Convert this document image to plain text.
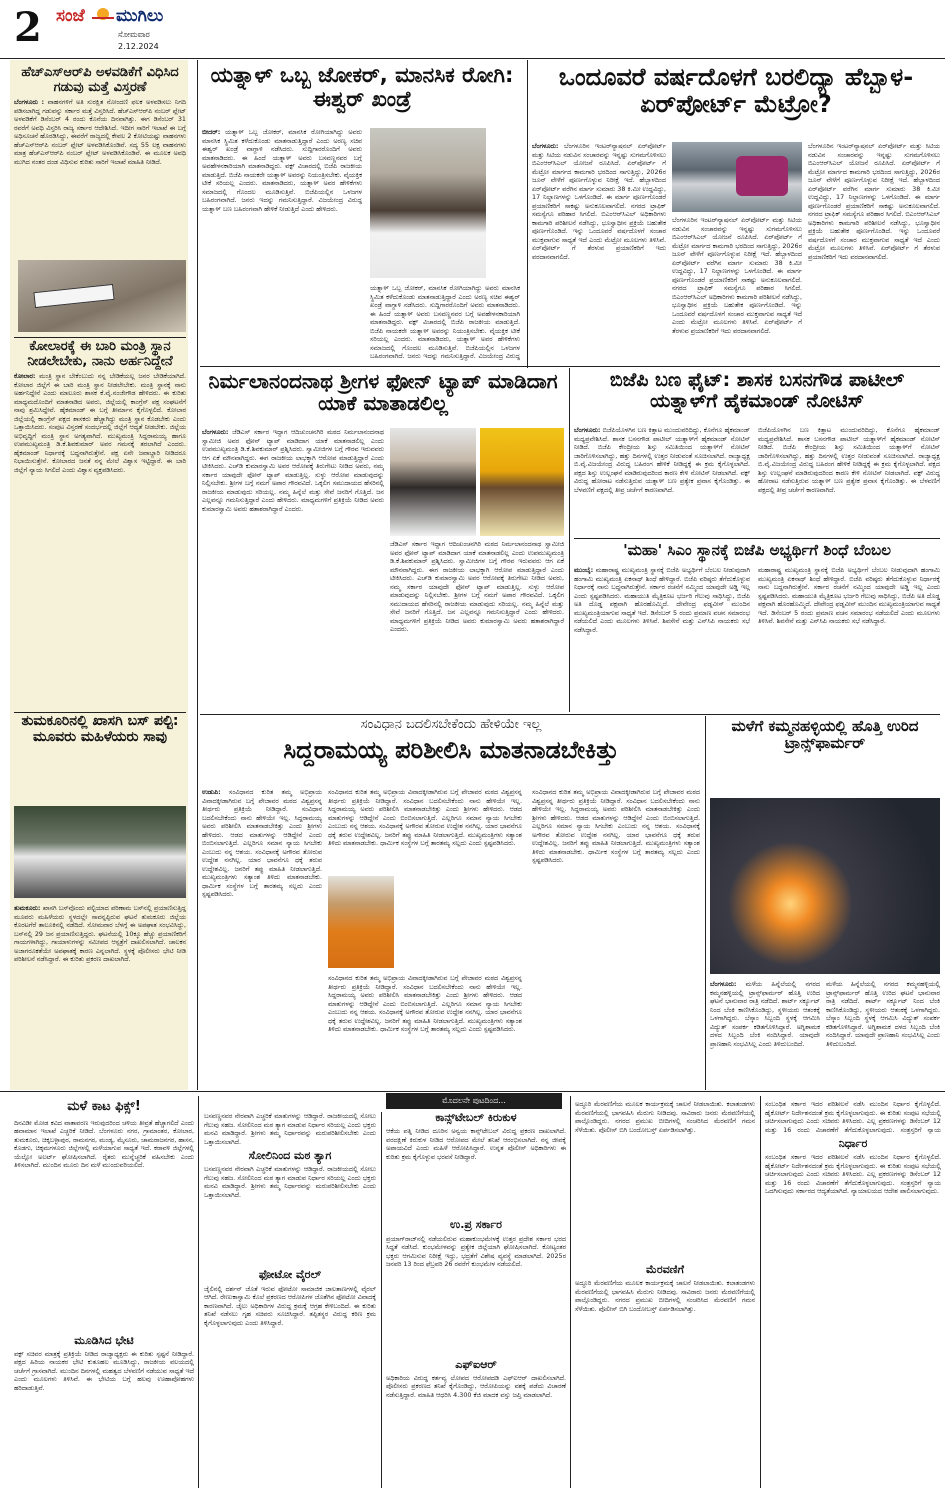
2 ಸಂಜೆ ಮುಗಿಲು
ಸೋಮವಾರ
2.12.2024
ಹೆಚ್‌ಎಸ್‌ಆರ್‌ಪಿ ಅಳವಡಿಕೆಗೆ ವಿಧಿಸಿದ ಗಡುವು ಮತ್ತೆ ವಿಸ್ತರಣೆ
ಬೆಂಗಳೂರು : ವಾಹನಗಳಿಗೆ ಅತಿ ಸುರಕ್ಷಿತ ನೋಂದಣಿ ಫಲಕ ಅಳವಡಿಸಲು ನಿಗದಿ ಪಡಿಸಲಾಗಿದ್ದ ಗಡುವನ್ನು ಸರ್ಕಾರ ಮತ್ತೆ ವಿಸ್ತರಿಸಿದೆ. ಹೆಚ್‌ಎಸ್‌ಆರ್‌ಪಿ ನಂಬರ್ ಪ್ಲೇಟ್ ಅಳವಡಿಕೆಗೆ ಡಿಸೆಂಬರ್ 4 ರಂದು ಕೊನೆಯ ದಿನವಾಗಿತ್ತು. ಈಗ ಡಿಸೆಂಬರ್ 31 ರವರೆಗೆ ಅವಧಿ ವಿಸ್ತರಿಸಿ ರಾಜ್ಯ ಸರ್ಕಾರ ಆದೇಶಿಸಿದೆ. ಇದೀಗ ಸಾರಿಗೆ ಇಲಾಖೆ ಈ ಬಗ್ಗೆ ಅಧಿಸೂಚನೆ ಹೊರಡಿಸಿದ್ದು, ಈವರೆಗೆ ರಾಜ್ಯದಲ್ಲಿ ಕೇವಲ 2 ಕೋಟಿಯಷ್ಟು ವಾಹನಗಳು ಹೆಚ್‌ಎಸ್‌ಆರ್‌ಪಿ ನಂಬರ್ ಪ್ಲೇಟ್ ಅಳವಡಿಸಿಕೊಂಡಿವೆ. ಸದ್ಯ 55 ಲಕ್ಷ ವಾಹನಗಳು ಮಾತ್ರ ಹೆಚ್‌ಎಸ್‌ಆರ್‌ಪಿ ನಂಬರ್ ಪ್ಲೇಟ್ ಅಳವಡಿಸಿಕೊಂಡಿವೆ. ಈ ಮೂಲಕ ಅವಧಿ ಮುಗಿದ ನಂತರ ದಂಡ ವಿಧಿಸುವ ಕುರಿತು ಸಾರಿಗೆ ಇಲಾಖೆ ಮಾಹಿತಿ ನೀಡಿದೆ.
ಕೋಲಾರಕ್ಕೆ ಈ ಬಾರಿ ಮಂತ್ರಿ ಸ್ಥಾನ ನೀಡಲೇಬೇಕು, ನಾನು ಅರ್ಹನಿದ್ದೇನೆ
ಕೋಲಾರ: ಮಂತ್ರಿ ಸ್ಥಾನ ಬೇಕೆಂಬುದು ನನ್ನ ಬೇಡಿಕೆಯಲ್ಲ ಜನರ ಬೇಡಿಕೆಯಾಗಿದೆ. ಕೋಲಾರ ಜಿಲ್ಲೆಗೆ ಈ ಬಾರಿ ಮಂತ್ರಿ ಸ್ಥಾನ ನೀಡಲೇಬೇಕು. ಮಂತ್ರಿ ಸ್ಥಾನಕ್ಕೆ ನಾನು ಅರ್ಹನಿದ್ದೇನೆ ಎಂದು ಮಾಲೂರು ಶಾಸಕ ಕೆ.ವೈ.ನಂಜೇಗೌಡ ಹೇಳಿದರು. ಈ ಕುರಿತು ಮಾಧ್ಯಮದೊಂದಿಗೆ ಮಾತನಾಡಿದ ಅವರು, ಜಿಲ್ಲೆಯಲ್ಲಿ ಕಾಂಗ್ರೆಸ್ ಪಕ್ಷ ಸಂಘಟನೆಗೆ ನಾವು ಶ್ರಮಿಸಿದ್ದೇವೆ. ಹೈಕಮಾಂಡ್ ಈ ಬಗ್ಗೆ ತೀರ್ಮಾನ ಕೈಗೊಳ್ಳಲಿದೆ. ಕೋಲಾರ ಜಿಲ್ಲೆಯಲ್ಲಿ ಕಾಂಗ್ರೆಸ್ ಪಕ್ಷದ ಶಾಸಕರು ಹೆಚ್ಚಾಗಿದ್ದು ಮಂತ್ರಿ ಸ್ಥಾನ ಕೊಡಬೇಕು ಎಂದು ಒತ್ತಾಯಿಸಿದರು. ಸಂಪುಟ ವಿಸ್ತರಣೆ ಸಂದರ್ಭದಲ್ಲಿ ಜಿಲ್ಲೆಗೆ ಆದ್ಯತೆ ನೀಡಬೇಕು. ಜಿಲ್ಲೆಯ ಅಭಿವೃದ್ಧಿಗೆ ಮಂತ್ರಿ ಸ್ಥಾನ ಅಗತ್ಯವಾಗಿದೆ. ಮುಖ್ಯಮಂತ್ರಿ ಸಿದ್ದರಾಮಯ್ಯ ಹಾಗೂ ಉಪಮುಖ್ಯಮಂತ್ರಿ ಡಿ.ಕೆ.ಶಿವಕುಮಾರ್ ಅವರ ಗಮನಕ್ಕೆ ತರಲಾಗಿದೆ ಎಂದರು. ಹೈಕಮಾಂಡ್ ನಿರ್ಧಾರಕ್ಕೆ ಬದ್ಧನಾಗಿರುತ್ತೇನೆ. ಪಕ್ಷ ಏನೇ ಜವಾಬ್ದಾರಿ ನೀಡಿದರೂ ನಿಭಾಯಿಸುತ್ತೇನೆ. ಕೋಲಾರದ ಜನತೆ ನನ್ನ ಮೇಲೆ ವಿಶ್ವಾಸ ಇಟ್ಟಿದ್ದಾರೆ. ಈ ಬಾರಿ ಜಿಲ್ಲೆಗೆ ನ್ಯಾಯ ಸಿಗಲಿದೆ ಎಂದು ವಿಶ್ವಾಸ ವ್ಯಕ್ತಪಡಿಸಿದರು.
ತುಮಕೂರಿನಲ್ಲಿ ಖಾಸಗಿ ಬಸ್ ಪಲ್ಟಿ: ಮೂವರು ಮಹಿಳೆಯರು ಸಾವು
ತುಮಕೂರು: ಖಾಸಗಿ ಬಸ್‌ವೊಂದು ಪಲ್ಟಿಯಾದ ಪರಿಣಾಮ ಬಸ್‌ನಲ್ಲಿ ಪ್ರಯಾಣಿಸುತ್ತಿದ್ದ ಮೂವರು ಮಹಿಳೆಯರು ಸ್ಥಳದಲ್ಲೇ ಸಾವನ್ನಪ್ಪಿರುವ ಘಟನೆ ತುಮಕೂರು ಜಿಲ್ಲೆಯ ಕೊರಟಗೆರೆ ತಾಲೂಕಿನಲ್ಲಿ ನಡೆದಿದೆ. ಸೋಮವಾರ ಬೆಳಗ್ಗೆ ಈ ಅಪಘಾತ ಸಂಭವಿಸಿದ್ದು, ಬಸ್‌ನಲ್ಲಿ 29 ಜನ ಪ್ರಯಾಣಿಸುತ್ತಿದ್ದರು. ಘಟನೆಯಲ್ಲಿ 10ಕ್ಕೂ ಹೆಚ್ಚು ಪ್ರಯಾಣಿಕರಿಗೆ ಗಾಯಗಳಾಗಿದ್ದು, ಗಾಯಾಳುಗಳನ್ನು ಸಮೀಪದ ಆಸ್ಪತ್ರೆಗೆ ದಾಖಲಿಸಲಾಗಿದೆ. ಚಾಲಕನ ಅಜಾಗರೂಕತೆಯೇ ಅಪಘಾತಕ್ಕೆ ಕಾರಣ ಎನ್ನಲಾಗಿದೆ. ಸ್ಥಳಕ್ಕೆ ಪೊಲೀಸರು ಭೇಟಿ ನೀಡಿ ಪರಿಶೀಲನೆ ನಡೆಸಿದ್ದಾರೆ. ಈ ಕುರಿತು ಪ್ರಕರಣ ದಾಖಲಾಗಿದೆ.
ಯತ್ನಾಳ್ ಒಬ್ಬ ಜೋಕರ್, ಮಾನಸಿಕ ರೋಗಿ: ಈಶ್ವರ್ ಖಂಡ್ರೆ
ಬೀದರ್: ಯತ್ನಾಳ್ ಒಬ್ಬ ಜೋಕರ್, ಮಾನಸಿಕ ರೋಗಿಯಾಗಿದ್ದು ಅವರು ಮಾನಸಿಕ ಸ್ಥಿಮಿತ ಕಳೆದುಕೊಂಡು ಮಾತನಾಡುತ್ತಿದ್ದಾರೆ ಎಂದು ಅರಣ್ಯ ಸಚಿವ ಈಶ್ವರ್ ಖಂಡ್ರೆ ವಾಗ್ದಾಳಿ ನಡೆಸಿದರು. ಸುದ್ದಿಗಾರರೊಂದಿಗೆ ಅವರು ಮಾತನಾಡಿದರು. ಈ ಹಿಂದೆ ಯತ್ನಾಳ್ ಅವರು ಬಸವಣ್ಣನವರ ಬಗ್ಗೆ ಅವಹೇಳನಕಾರಿಯಾಗಿ ಮಾತನಾಡಿದ್ದರು. ವಕ್ಫ್ ವಿಚಾರದಲ್ಲಿ ಬಿಜೆಪಿ ರಾಜಕೀಯ ಮಾಡುತ್ತಿದೆ. ಬಿಜೆಪಿ ನಾಯಕರೇ ಯತ್ನಾಳ್ ಅವರನ್ನು ನಿಯಂತ್ರಿಸಬೇಕು. ವೈಯಕ್ತಿಕ ಟೀಕೆ ಸರಿಯಲ್ಲ ಎಂದರು. ಮಾತನಾಡಿದರು, ಯತ್ನಾಳ್ ಅವರ ಹೇಳಿಕೆಗಳು ಸಮಾಜದಲ್ಲಿ ಗೊಂದಲ ಮೂಡಿಸುತ್ತಿವೆ. ಬಿಜೆಪಿಯಲ್ಲಿನ ಒಳಜಗಳ ಬಹಿರಂಗವಾಗಿದೆ. ಜನರು ಇದನ್ನು ಗಮನಿಸುತ್ತಿದ್ದಾರೆ. ವಿಜಯೇಂದ್ರ ವಿರುದ್ಧ ಯತ್ನಾಳ್ ಬಣ ಬಹಿರಂಗವಾಗಿ ಹೇಳಿಕೆ ನೀಡುತ್ತಿದೆ ಎಂದು ಹೇಳಿದರು.
ಯತ್ನಾಳ್ ಒಬ್ಬ ಜೋಕರ್, ಮಾನಸಿಕ ರೋಗಿಯಾಗಿದ್ದು ಅವರು ಮಾನಸಿಕ ಸ್ಥಿಮಿತ ಕಳೆದುಕೊಂಡು ಮಾತನಾಡುತ್ತಿದ್ದಾರೆ ಎಂದು ಅರಣ್ಯ ಸಚಿವ ಈಶ್ವರ್ ಖಂಡ್ರೆ ವಾಗ್ದಾಳಿ ನಡೆಸಿದರು. ಸುದ್ದಿಗಾರರೊಂದಿಗೆ ಅವರು ಮಾತನಾಡಿದರು. ಈ ಹಿಂದೆ ಯತ್ನಾಳ್ ಅವರು ಬಸವಣ್ಣನವರ ಬಗ್ಗೆ ಅವಹೇಳನಕಾರಿಯಾಗಿ ಮಾತನಾಡಿದ್ದರು. ವಕ್ಫ್ ವಿಚಾರದಲ್ಲಿ ಬಿಜೆಪಿ ರಾಜಕೀಯ ಮಾಡುತ್ತಿದೆ. ಬಿಜೆಪಿ ನಾಯಕರೇ ಯತ್ನಾಳ್ ಅವರನ್ನು ನಿಯಂತ್ರಿಸಬೇಕು. ವೈಯಕ್ತಿಕ ಟೀಕೆ ಸರಿಯಲ್ಲ ಎಂದರು. ಮಾತನಾಡಿದರು, ಯತ್ನಾಳ್ ಅವರ ಹೇಳಿಕೆಗಳು ಸಮಾಜದಲ್ಲಿ ಗೊಂದಲ ಮೂಡಿಸುತ್ತಿವೆ. ಬಿಜೆಪಿಯಲ್ಲಿನ ಒಳಜಗಳ ಬಹಿರಂಗವಾಗಿದೆ. ಜನರು ಇದನ್ನು ಗಮನಿಸುತ್ತಿದ್ದಾರೆ. ವಿಜಯೇಂದ್ರ ವಿರುದ್ಧ
ಒಂದೂವರೆ ವರ್ಷದೊಳಗೆ ಬರಲಿದ್ಯಾ ಹೆಬ್ಬಾಳ-ಏರ್‌ಪೋರ್ಟ್ ಮೆಟ್ರೋ?
ಬೆಂಗಳೂರು: ಬೆಂಗಳೂರಿನ ಇಂಟರ್‌ನ್ಯಾಷನಲ್ ಏರ್‌ಪೋರ್ಟ್ ಮತ್ತು ಸಿಟಿಯ ನಡುವಿನ ಸಂಚಾರವನ್ನು ಇನ್ನಷ್ಟು ಸುಗಮಗೊಳಿಸಲು ಬಿಎಂಆರ್‌ಸಿಎಲ್ ಯೋಜನೆ ರೂಪಿಸಿದೆ. ಏರ್‌ಪೋರ್ಟ್ ಗೆ ಮೆಟ್ರೋ ಮಾರ್ಗದ ಕಾಮಗಾರಿ ಭರದಿಂದ ಸಾಗುತ್ತಿದ್ದು, 2026ರ ಜೂನ್ ವೇಳೆಗೆ ಪೂರ್ಣಗೊಳ್ಳುವ ನಿರೀಕ್ಷೆ ಇದೆ. ಹೆಬ್ಬಾಳದಿಂದ ಏರ್‌ಪೋರ್ಟ್ ವರೆಗಿನ ಮಾರ್ಗ ಸುಮಾರು 38 ಕಿ.ಮೀ ಉದ್ದವಿದ್ದು, 17 ನಿಲ್ದಾಣಗಳನ್ನು ಒಳಗೊಂಡಿದೆ. ಈ ಮಾರ್ಗ ಪೂರ್ಣಗೊಂಡರೆ ಪ್ರಯಾಣಿಕರಿಗೆ ಸಾಕಷ್ಟು ಅನುಕೂಲವಾಗಲಿದೆ. ನಗರದ ಟ್ರಾಫಿಕ್ ಸಮಸ್ಯೆಗೂ ಪರಿಹಾರ ಸಿಗಲಿದೆ. ಬಿಎಂಆರ್‌ಸಿಎಲ್ ಅಧಿಕಾರಿಗಳು ಕಾಮಗಾರಿ ಪರಿಶೀಲನೆ ನಡೆಸಿದ್ದು, ಭೂಸ್ವಾಧೀನ ಪ್ರಕ್ರಿಯೆ ಬಹುತೇಕ ಪೂರ್ಣಗೊಂಡಿದೆ. ಇನ್ನು ಒಂದೂವರೆ ವರ್ಷದೊಳಗೆ ಸಂಚಾರ ಮುಕ್ತವಾಗುವ ಸಾಧ್ಯತೆ ಇದೆ ಎಂದು ಮೆಟ್ರೋ ಮೂಲಗಳು ತಿಳಿಸಿವೆ. ಏರ್‌ಪೋರ್ಟ್ ಗೆ ತೆರಳುವ ಪ್ರಯಾಣಿಕರಿಗೆ ಇದು ವರದಾನವಾಗಲಿದೆ.
ಬೆಂಗಳೂರಿನ ಇಂಟರ್‌ನ್ಯಾಷನಲ್ ಏರ್‌ಪೋರ್ಟ್ ಮತ್ತು ಸಿಟಿಯ ನಡುವಿನ ಸಂಚಾರವನ್ನು ಇನ್ನಷ್ಟು ಸುಗಮಗೊಳಿಸಲು ಬಿಎಂಆರ್‌ಸಿಎಲ್ ಯೋಜನೆ ರೂಪಿಸಿದೆ. ಏರ್‌ಪೋರ್ಟ್ ಗೆ ಮೆಟ್ರೋ ಮಾರ್ಗದ ಕಾಮಗಾರಿ ಭರದಿಂದ ಸಾಗುತ್ತಿದ್ದು, 2026ರ ಜೂನ್ ವೇಳೆಗೆ ಪೂರ್ಣಗೊಳ್ಳುವ ನಿರೀಕ್ಷೆ ಇದೆ. ಹೆಬ್ಬಾಳದಿಂದ ಏರ್‌ಪೋರ್ಟ್ ವರೆಗಿನ ಮಾರ್ಗ ಸುಮಾರು 38 ಕಿ.ಮೀ ಉದ್ದವಿದ್ದು, 17 ನಿಲ್ದಾಣಗಳನ್ನು ಒಳಗೊಂಡಿದೆ. ಈ ಮಾರ್ಗ ಪೂರ್ಣಗೊಂಡರೆ ಪ್ರಯಾಣಿಕರಿಗೆ ಸಾಕಷ್ಟು ಅನುಕೂಲವಾಗಲಿದೆ. ನಗರದ ಟ್ರಾಫಿಕ್ ಸಮಸ್ಯೆಗೂ ಪರಿಹಾರ ಸಿಗಲಿದೆ. ಬಿಎಂಆರ್‌ಸಿಎಲ್ ಅಧಿಕಾರಿಗಳು ಕಾಮಗಾರಿ ಪರಿಶೀಲನೆ ನಡೆಸಿದ್ದು, ಭೂಸ್ವಾಧೀನ ಪ್ರಕ್ರಿಯೆ ಬಹುತೇಕ ಪೂರ್ಣಗೊಂಡಿದೆ. ಇನ್ನು ಒಂದೂವರೆ ವರ್ಷದೊಳಗೆ ಸಂಚಾರ ಮುಕ್ತವಾಗುವ ಸಾಧ್ಯತೆ ಇದೆ ಎಂದು ಮೆಟ್ರೋ ಮೂಲಗಳು ತಿಳಿಸಿವೆ. ಏರ್‌ಪೋರ್ಟ್ ಗೆ ತೆರಳುವ ಪ್ರಯಾಣಿಕರಿಗೆ ಇದು ವರದಾನವಾಗಲಿದೆ.
ಬೆಂಗಳೂರಿನ ಇಂಟರ್‌ನ್ಯಾಷನಲ್ ಏರ್‌ಪೋರ್ಟ್ ಮತ್ತು ಸಿಟಿಯ ನಡುವಿನ ಸಂಚಾರವನ್ನು ಇನ್ನಷ್ಟು ಸುಗಮಗೊಳಿಸಲು ಬಿಎಂಆರ್‌ಸಿಎಲ್ ಯೋಜನೆ ರೂಪಿಸಿದೆ. ಏರ್‌ಪೋರ್ಟ್ ಗೆ ಮೆಟ್ರೋ ಮಾರ್ಗದ ಕಾಮಗಾರಿ ಭರದಿಂದ ಸಾಗುತ್ತಿದ್ದು, 2026ರ ಜೂನ್ ವೇಳೆಗೆ ಪೂರ್ಣಗೊಳ್ಳುವ ನಿರೀಕ್ಷೆ ಇದೆ. ಹೆಬ್ಬಾಳದಿಂದ ಏರ್‌ಪೋರ್ಟ್ ವರೆಗಿನ ಮಾರ್ಗ ಸುಮಾರು 38 ಕಿ.ಮೀ ಉದ್ದವಿದ್ದು, 17 ನಿಲ್ದಾಣಗಳನ್ನು ಒಳಗೊಂಡಿದೆ. ಈ ಮಾರ್ಗ ಪೂರ್ಣಗೊಂಡರೆ ಪ್ರಯಾಣಿಕರಿಗೆ ಸಾಕಷ್ಟು ಅನುಕೂಲವಾಗಲಿದೆ. ನಗರದ ಟ್ರಾಫಿಕ್ ಸಮಸ್ಯೆಗೂ ಪರಿಹಾರ ಸಿಗಲಿದೆ. ಬಿಎಂಆರ್‌ಸಿಎಲ್ ಅಧಿಕಾರಿಗಳು ಕಾಮಗಾರಿ ಪರಿಶೀಲನೆ ನಡೆಸಿದ್ದು, ಭೂಸ್ವಾಧೀನ ಪ್ರಕ್ರಿಯೆ ಬಹುತೇಕ ಪೂರ್ಣಗೊಂಡಿದೆ. ಇನ್ನು ಒಂದೂವರೆ ವರ್ಷದೊಳಗೆ ಸಂಚಾರ ಮುಕ್ತವಾಗುವ ಸಾಧ್ಯತೆ ಇದೆ ಎಂದು ಮೆಟ್ರೋ ಮೂಲಗಳು ತಿಳಿಸಿವೆ. ಏರ್‌ಪೋರ್ಟ್ ಗೆ ತೆರಳುವ ಪ್ರಯಾಣಿಕರಿಗೆ ಇದು ವರದಾನವಾಗಲಿದೆ.
ನಿರ್ಮಲಾನಂದನಾಥ ಶ್ರೀಗಳ ಫೋನ್ ಟ್ಯಾಪ್ ಮಾಡಿದಾಗ ಯಾಕೆ ಮಾತಾಡಲಿಲ್ಲ
ಬೆಂಗಳೂರು: ಜೆಡಿಎಸ್ ಸರ್ಕಾರ ಇದ್ದಾಗ ಆದಿಚುಂಚನಗಿರಿ ಮಠದ ನಿರ್ಮಲಾನಂದನಾಥ ಸ್ವಾಮೀಜಿ ಅವರ ಫೋನ್ ಟ್ಯಾಪ್ ಮಾಡಿದಾಗ ಯಾಕೆ ಮಾತನಾಡಲಿಲ್ಲ ಎಂದು ಉಪಮುಖ್ಯಮಂತ್ರಿ ಡಿ.ಕೆ.ಶಿವಕುಮಾರ್ ಪ್ರಶ್ನಿಸಿದರು. ಸ್ವಾಮೀಜಿಗಳ ಬಗ್ಗೆ ಗೌರವ ಇರುವವರು ಆಗ ಏಕೆ ಮೌನವಾಗಿದ್ದರು. ಈಗ ರಾಜಕೀಯ ಲಾಭಕ್ಕಾಗಿ ಆರೋಪ ಮಾಡುತ್ತಿದ್ದಾರೆ ಎಂದು ಟೀಕಿಸಿದರು. ಎಚ್‌ಡಿ ಕುಮಾರಸ್ವಾಮಿ ಅವರ ಆರೋಪಕ್ಕೆ ತಿರುಗೇಟು ನೀಡಿದ ಅವರು, ನಮ್ಮ ಸರ್ಕಾರ ಯಾವುದೇ ಫೋನ್ ಟ್ಯಾಪ್ ಮಾಡುತ್ತಿಲ್ಲ. ಸುಳ್ಳು ಆರೋಪ ಮಾಡುವುದನ್ನು ನಿಲ್ಲಿಸಬೇಕು. ಶ್ರೀಗಳ ಬಗ್ಗೆ ನಮಗೆ ಅಪಾರ ಗೌರವವಿದೆ. ಒಕ್ಕಲಿಗ ಸಮುದಾಯದ ಹೆಸರಿನಲ್ಲಿ ರಾಜಕೀಯ ಮಾಡುವುದು ಸರಿಯಲ್ಲ. ನಮ್ಮ ಹಿನ್ನೆಲೆ ಮತ್ತು ಸೇವೆ ಜನರಿಗೆ ಗೊತ್ತಿದೆ. ಜನ ಎಲ್ಲವನ್ನೂ ಗಮನಿಸುತ್ತಿದ್ದಾರೆ ಎಂದು ಹೇಳಿದರು. ಮಾಧ್ಯಮಗಳಿಗೆ ಪ್ರತಿಕ್ರಿಯೆ ನೀಡಿದ ಅವರು ಕುಮಾರಸ್ವಾಮಿ ಅವರು ಹತಾಶರಾಗಿದ್ದಾರೆ ಎಂದರು.
ಜೆಡಿಎಸ್ ಸರ್ಕಾರ ಇದ್ದಾಗ ಆದಿಚುಂಚನಗಿರಿ ಮಠದ ನಿರ್ಮಲಾನಂದನಾಥ ಸ್ವಾಮೀಜಿ ಅವರ ಫೋನ್ ಟ್ಯಾಪ್ ಮಾಡಿದಾಗ ಯಾಕೆ ಮಾತನಾಡಲಿಲ್ಲ ಎಂದು ಉಪಮುಖ್ಯಮಂತ್ರಿ ಡಿ.ಕೆ.ಶಿವಕುಮಾರ್ ಪ್ರಶ್ನಿಸಿದರು. ಸ್ವಾಮೀಜಿಗಳ ಬಗ್ಗೆ ಗೌರವ ಇರುವವರು ಆಗ ಏಕೆ ಮೌನವಾಗಿದ್ದರು. ಈಗ ರಾಜಕೀಯ ಲಾಭಕ್ಕಾಗಿ ಆರೋಪ ಮಾಡುತ್ತಿದ್ದಾರೆ ಎಂದು ಟೀಕಿಸಿದರು. ಎಚ್‌ಡಿ ಕುಮಾರಸ್ವಾಮಿ ಅವರ ಆರೋಪಕ್ಕೆ ತಿರುಗೇಟು ನೀಡಿದ ಅವರು, ನಮ್ಮ ಸರ್ಕಾರ ಯಾವುದೇ ಫೋನ್ ಟ್ಯಾಪ್ ಮಾಡುತ್ತಿಲ್ಲ. ಸುಳ್ಳು ಆರೋಪ ಮಾಡುವುದನ್ನು ನಿಲ್ಲಿಸಬೇಕು. ಶ್ರೀಗಳ ಬಗ್ಗೆ ನಮಗೆ ಅಪಾರ ಗೌರವವಿದೆ. ಒಕ್ಕಲಿಗ ಸಮುದಾಯದ ಹೆಸರಿನಲ್ಲಿ ರಾಜಕೀಯ ಮಾಡುವುದು ಸರಿಯಲ್ಲ. ನಮ್ಮ ಹಿನ್ನೆಲೆ ಮತ್ತು ಸೇವೆ ಜನರಿಗೆ ಗೊತ್ತಿದೆ. ಜನ ಎಲ್ಲವನ್ನೂ ಗಮನಿಸುತ್ತಿದ್ದಾರೆ ಎಂದು ಹೇಳಿದರು. ಮಾಧ್ಯಮಗಳಿಗೆ ಪ್ರತಿಕ್ರಿಯೆ ನೀಡಿದ ಅವರು ಕುಮಾರಸ್ವಾಮಿ ಅವರು ಹತಾಶರಾಗಿದ್ದಾರೆ ಎಂದರು.
ಬಿಜೆಪಿ ಬಣ ಫೈಟ್: ಶಾಸಕ ಬಸನಗೌಡ ಪಾಟೀಲ್ ಯತ್ನಾಳ್‌ಗೆ ಹೈಕಮಾಂಡ್ ನೋಟಿಸ್
ಬೆಂಗಳೂರು: ಬಿಜೆಪಿಯೊಳಗಿನ ಬಣ ಕಿತ್ತಾಟ ಮುಂದುವರಿದಿದ್ದು, ಕೊನೆಗೂ ಹೈಕಮಾಂಡ್ ಮಧ್ಯಪ್ರವೇಶಿಸಿದೆ. ಶಾಸಕ ಬಸನಗೌಡ ಪಾಟೀಲ್ ಯತ್ನಾಳ್‌ಗೆ ಹೈಕಮಾಂಡ್ ನೋಟಿಸ್ ನೀಡಿದೆ. ಬಿಜೆಪಿ ಕೇಂದ್ರೀಯ ಶಿಸ್ತು ಸಮಿತಿಯಿಂದ ಯತ್ನಾಳ್‌ಗೆ ನೋಟಿಸ್ ಜಾರಿಗೊಳಿಸಲಾಗಿದ್ದು, ಹತ್ತು ದಿನಗಳಲ್ಲಿ ಉತ್ತರ ನೀಡುವಂತೆ ಸೂಚಿಸಲಾಗಿದೆ. ರಾಜ್ಯಾಧ್ಯಕ್ಷ ಬಿ.ವೈ.ವಿಜಯೇಂದ್ರ ವಿರುದ್ಧ ಬಹಿರಂಗ ಹೇಳಿಕೆ ನೀಡಿದ್ದಕ್ಕೆ ಈ ಕ್ರಮ ಕೈಗೊಳ್ಳಲಾಗಿದೆ. ಪಕ್ಷದ ಶಿಸ್ತು ಉಲ್ಲಂಘನೆ ಮಾಡಿರುವುದರಿಂದ ಕಾರಣ ಕೇಳಿ ನೋಟಿಸ್ ನೀಡಲಾಗಿದೆ. ವಕ್ಫ್ ವಿರುದ್ಧ ಹೋರಾಟ ನಡೆಸುತ್ತಿರುವ ಯತ್ನಾಳ್ ಬಣ ಪ್ರತ್ಯೇಕ ಪ್ರವಾಸ ಕೈಗೊಂಡಿತ್ತು. ಈ ಬೆಳವಣಿಗೆ ಪಕ್ಷದಲ್ಲಿ ತೀವ್ರ ಚರ್ಚೆಗೆ ಕಾರಣವಾಗಿದೆ.
ಬಿಜೆಪಿಯೊಳಗಿನ ಬಣ ಕಿತ್ತಾಟ ಮುಂದುವರಿದಿದ್ದು, ಕೊನೆಗೂ ಹೈಕಮಾಂಡ್ ಮಧ್ಯಪ್ರವೇಶಿಸಿದೆ. ಶಾಸಕ ಬಸನಗೌಡ ಪಾಟೀಲ್ ಯತ್ನಾಳ್‌ಗೆ ಹೈಕಮಾಂಡ್ ನೋಟಿಸ್ ನೀಡಿದೆ. ಬಿಜೆಪಿ ಕೇಂದ್ರೀಯ ಶಿಸ್ತು ಸಮಿತಿಯಿಂದ ಯತ್ನಾಳ್‌ಗೆ ನೋಟಿಸ್ ಜಾರಿಗೊಳಿಸಲಾಗಿದ್ದು, ಹತ್ತು ದಿನಗಳಲ್ಲಿ ಉತ್ತರ ನೀಡುವಂತೆ ಸೂಚಿಸಲಾಗಿದೆ. ರಾಜ್ಯಾಧ್ಯಕ್ಷ ಬಿ.ವೈ.ವಿಜಯೇಂದ್ರ ವಿರುದ್ಧ ಬಹಿರಂಗ ಹೇಳಿಕೆ ನೀಡಿದ್ದಕ್ಕೆ ಈ ಕ್ರಮ ಕೈಗೊಳ್ಳಲಾಗಿದೆ. ಪಕ್ಷದ ಶಿಸ್ತು ಉಲ್ಲಂಘನೆ ಮಾಡಿರುವುದರಿಂದ ಕಾರಣ ಕೇಳಿ ನೋಟಿಸ್ ನೀಡಲಾಗಿದೆ. ವಕ್ಫ್ ವಿರುದ್ಧ ಹೋರಾಟ ನಡೆಸುತ್ತಿರುವ ಯತ್ನಾಳ್ ಬಣ ಪ್ರತ್ಯೇಕ ಪ್ರವಾಸ ಕೈಗೊಂಡಿತ್ತು. ಈ ಬೆಳವಣಿಗೆ ಪಕ್ಷದಲ್ಲಿ ತೀವ್ರ ಚರ್ಚೆಗೆ ಕಾರಣವಾಗಿದೆ.
'ಮಹಾ' ಸಿಎಂ ಸ್ಥಾನಕ್ಕೆ ಬಿಜೆಪಿ ಅಭ್ಯರ್ಥಿಗೆ ಶಿಂಧೆ ಬೆಂಬಲ
ಮುಂಬೈ: ಮಹಾರಾಷ್ಟ್ರ ಮುಖ್ಯಮಂತ್ರಿ ಸ್ಥಾನಕ್ಕೆ ಬಿಜೆಪಿ ಅಭ್ಯರ್ಥಿಗೆ ಬೆಂಬಲ ನೀಡುವುದಾಗಿ ಹಂಗಾಮಿ ಮುಖ್ಯಮಂತ್ರಿ ಏಕನಾಥ್ ಶಿಂಧೆ ಹೇಳಿದ್ದಾರೆ. ಬಿಜೆಪಿ ವರಿಷ್ಠರು ತೆಗೆದುಕೊಳ್ಳುವ ನಿರ್ಧಾರಕ್ಕೆ ನಾನು ಬದ್ಧನಾಗಿರುತ್ತೇನೆ. ಸರ್ಕಾರ ರಚನೆಗೆ ನಮ್ಮಿಂದ ಯಾವುದೇ ಅಡ್ಡಿ ಇಲ್ಲ ಎಂದು ಸ್ಪಷ್ಟಪಡಿಸಿದರು. ಮಹಾಯುತಿ ಮೈತ್ರಿಕೂಟ ಭರ್ಜರಿ ಗೆಲುವು ಸಾಧಿಸಿದ್ದು, ಬಿಜೆಪಿ ಅತಿ ದೊಡ್ಡ ಪಕ್ಷವಾಗಿ ಹೊರಹೊಮ್ಮಿದೆ. ದೇವೇಂದ್ರ ಫಡ್ನವೀಸ್ ಮುಂದಿನ ಮುಖ್ಯಮಂತ್ರಿಯಾಗುವ ಸಾಧ್ಯತೆ ಇದೆ. ಡಿಸೆಂಬರ್ 5 ರಂದು ಪ್ರಮಾಣ ವಚನ ಸಮಾರಂಭ ನಡೆಯಲಿದೆ ಎಂದು ಮೂಲಗಳು ತಿಳಿಸಿವೆ. ಶಿವಸೇನೆ ಮತ್ತು ಎನ್‌ಸಿಪಿ ನಾಯಕರು ಸಭೆ ನಡೆಸಿದ್ದಾರೆ.
ಮಹಾರಾಷ್ಟ್ರ ಮುಖ್ಯಮಂತ್ರಿ ಸ್ಥಾನಕ್ಕೆ ಬಿಜೆಪಿ ಅಭ್ಯರ್ಥಿಗೆ ಬೆಂಬಲ ನೀಡುವುದಾಗಿ ಹಂಗಾಮಿ ಮುಖ್ಯಮಂತ್ರಿ ಏಕನಾಥ್ ಶಿಂಧೆ ಹೇಳಿದ್ದಾರೆ. ಬಿಜೆಪಿ ವರಿಷ್ಠರು ತೆಗೆದುಕೊಳ್ಳುವ ನಿರ್ಧಾರಕ್ಕೆ ನಾನು ಬದ್ಧನಾಗಿರುತ್ತೇನೆ. ಸರ್ಕಾರ ರಚನೆಗೆ ನಮ್ಮಿಂದ ಯಾವುದೇ ಅಡ್ಡಿ ಇಲ್ಲ ಎಂದು ಸ್ಪಷ್ಟಪಡಿಸಿದರು. ಮಹಾಯುತಿ ಮೈತ್ರಿಕೂಟ ಭರ್ಜರಿ ಗೆಲುವು ಸಾಧಿಸಿದ್ದು, ಬಿಜೆಪಿ ಅತಿ ದೊಡ್ಡ ಪಕ್ಷವಾಗಿ ಹೊರಹೊಮ್ಮಿದೆ. ದೇವೇಂದ್ರ ಫಡ್ನವೀಸ್ ಮುಂದಿನ ಮುಖ್ಯಮಂತ್ರಿಯಾಗುವ ಸಾಧ್ಯತೆ ಇದೆ. ಡಿಸೆಂಬರ್ 5 ರಂದು ಪ್ರಮಾಣ ವಚನ ಸಮಾರಂಭ ನಡೆಯಲಿದೆ ಎಂದು ಮೂಲಗಳು ತಿಳಿಸಿವೆ. ಶಿವಸೇನೆ ಮತ್ತು ಎನ್‌ಸಿಪಿ ನಾಯಕರು ಸಭೆ ನಡೆಸಿದ್ದಾರೆ.
ಸಂವಿಧಾನ ಬದಲಿಸಬೇಕೆಂದು ಹೇಳಿಯೇ ಇಲ್ಲ
ಸಿದ್ದರಾಮಯ್ಯ ಪರಿಶೀಲಿಸಿ ಮಾತನಾಡಬೇಕಿತ್ತು
ಉಡುಪಿ: ಸಂವಿಧಾನದ ಕುರಿತ ತಮ್ಮ ಅಭಿಪ್ರಾಯ ವಿವಾದಕ್ಕೀಡಾಗಿರುವ ಬಗ್ಗೆ ಪೇಜಾವರ ಮಠದ ವಿಶ್ವಪ್ರಸನ್ನ ತೀರ್ಥರು ಪ್ರತಿಕ್ರಿಯೆ ನೀಡಿದ್ದಾರೆ. ಸಂವಿಧಾನ ಬದಲಿಸಬೇಕೆಂದು ನಾನು ಹೇಳಿಯೇ ಇಲ್ಲ. ಸಿದ್ದರಾಮಯ್ಯ ಅವರು ಪರಿಶೀಲಿಸಿ ಮಾತನಾಡಬೇಕಿತ್ತು ಎಂದು ಶ್ರೀಗಳು ಹೇಳಿದರು. ಆಡದ ಮಾತುಗಳನ್ನು ಆಡಿದ್ದೇನೆ ಎಂದು ಬಿಂಬಿಸಲಾಗುತ್ತಿದೆ. ಎಲ್ಲರಿಗೂ ಸಮಾನ ನ್ಯಾಯ ಸಿಗಬೇಕು ಎಂಬುದು ನನ್ನ ಆಶಯ. ಸಂವಿಧಾನಕ್ಕೆ ಅಗೌರವ ತೋರುವ ಉದ್ದೇಶ ನನಗಿಲ್ಲ. ಯಾರ ಭಾವನೆಗೂ ಧಕ್ಕೆ ತರುವ ಉದ್ದೇಶವಿಲ್ಲ. ಜನರಿಗೆ ತಪ್ಪು ಮಾಹಿತಿ ನೀಡಲಾಗುತ್ತಿದೆ. ಮುಖ್ಯಮಂತ್ರಿಗಳು ಸತ್ಯಾಂಶ ತಿಳಿದು ಮಾತನಾಡಬೇಕು. ಧಾರ್ಮಿಕ ಸಂಸ್ಥೆಗಳ ಬಗ್ಗೆ ತಾರತಮ್ಯ ಸಲ್ಲದು ಎಂದು ಸ್ಪಷ್ಟಪಡಿಸಿದರು.
ಸಂವಿಧಾನದ ಕುರಿತ ತಮ್ಮ ಅಭಿಪ್ರಾಯ ವಿವಾದಕ್ಕೀಡಾಗಿರುವ ಬಗ್ಗೆ ಪೇಜಾವರ ಮಠದ ವಿಶ್ವಪ್ರಸನ್ನ ತೀರ್ಥರು ಪ್ರತಿಕ್ರಿಯೆ ನೀಡಿದ್ದಾರೆ. ಸಂವಿಧಾನ ಬದಲಿಸಬೇಕೆಂದು ನಾನು ಹೇಳಿಯೇ ಇಲ್ಲ. ಸಿದ್ದರಾಮಯ್ಯ ಅವರು ಪರಿಶೀಲಿಸಿ ಮಾತನಾಡಬೇಕಿತ್ತು ಎಂದು ಶ್ರೀಗಳು ಹೇಳಿದರು. ಆಡದ ಮಾತುಗಳನ್ನು ಆಡಿದ್ದೇನೆ ಎಂದು ಬಿಂಬಿಸಲಾಗುತ್ತಿದೆ. ಎಲ್ಲರಿಗೂ ಸಮಾನ ನ್ಯಾಯ ಸಿಗಬೇಕು ಎಂಬುದು ನನ್ನ ಆಶಯ. ಸಂವಿಧಾನಕ್ಕೆ ಅಗೌರವ ತೋರುವ ಉದ್ದೇಶ ನನಗಿಲ್ಲ. ಯಾರ ಭಾವನೆಗೂ ಧಕ್ಕೆ ತರುವ ಉದ್ದೇಶವಿಲ್ಲ. ಜನರಿಗೆ ತಪ್ಪು ಮಾಹಿತಿ ನೀಡಲಾಗುತ್ತಿದೆ. ಮುಖ್ಯಮಂತ್ರಿಗಳು ಸತ್ಯಾಂಶ ತಿಳಿದು ಮಾತನಾಡಬೇಕು. ಧಾರ್ಮಿಕ ಸಂಸ್ಥೆಗಳ ಬಗ್ಗೆ ತಾರತಮ್ಯ ಸಲ್ಲದು ಎಂದು ಸ್ಪಷ್ಟಪಡಿಸಿದರು.
ಸಂವಿಧಾನದ ಕುರಿತ ತಮ್ಮ ಅಭಿಪ್ರಾಯ ವಿವಾದಕ್ಕೀಡಾಗಿರುವ ಬಗ್ಗೆ ಪೇಜಾವರ ಮಠದ ವಿಶ್ವಪ್ರಸನ್ನ ತೀರ್ಥರು ಪ್ರತಿಕ್ರಿಯೆ ನೀಡಿದ್ದಾರೆ. ಸಂವಿಧಾನ ಬದಲಿಸಬೇಕೆಂದು ನಾನು ಹೇಳಿಯೇ ಇಲ್ಲ. ಸಿದ್ದರಾಮಯ್ಯ ಅವರು ಪರಿಶೀಲಿಸಿ ಮಾತನಾಡಬೇಕಿತ್ತು ಎಂದು ಶ್ರೀಗಳು ಹೇಳಿದರು. ಆಡದ ಮಾತುಗಳನ್ನು ಆಡಿದ್ದೇನೆ ಎಂದು ಬಿಂಬಿಸಲಾಗುತ್ತಿದೆ. ಎಲ್ಲರಿಗೂ ಸಮಾನ ನ್ಯಾಯ ಸಿಗಬೇಕು ಎಂಬುದು ನನ್ನ ಆಶಯ. ಸಂವಿಧಾನಕ್ಕೆ ಅಗೌರವ ತೋರುವ ಉದ್ದೇಶ ನನಗಿಲ್ಲ. ಯಾರ ಭಾವನೆಗೂ ಧಕ್ಕೆ ತರುವ ಉದ್ದೇಶವಿಲ್ಲ. ಜನರಿಗೆ ತಪ್ಪು ಮಾಹಿತಿ ನೀಡಲಾಗುತ್ತಿದೆ. ಮುಖ್ಯಮಂತ್ರಿಗಳು ಸತ್ಯಾಂಶ ತಿಳಿದು ಮಾತನಾಡಬೇಕು. ಧಾರ್ಮಿಕ ಸಂಸ್ಥೆಗಳ ಬಗ್ಗೆ ತಾರತಮ್ಯ ಸಲ್ಲದು ಎಂದು ಸ್ಪಷ್ಟಪಡಿಸಿದರು.
ಸಂವಿಧಾನದ ಕುರಿತ ತಮ್ಮ ಅಭಿಪ್ರಾಯ ವಿವಾದಕ್ಕೀಡಾಗಿರುವ ಬಗ್ಗೆ ಪೇಜಾವರ ಮಠದ ವಿಶ್ವಪ್ರಸನ್ನ ತೀರ್ಥರು ಪ್ರತಿಕ್ರಿಯೆ ನೀಡಿದ್ದಾರೆ. ಸಂವಿಧಾನ ಬದಲಿಸಬೇಕೆಂದು ನಾನು ಹೇಳಿಯೇ ಇಲ್ಲ. ಸಿದ್ದರಾಮಯ್ಯ ಅವರು ಪರಿಶೀಲಿಸಿ ಮಾತನಾಡಬೇಕಿತ್ತು ಎಂದು ಶ್ರೀಗಳು ಹೇಳಿದರು. ಆಡದ ಮಾತುಗಳನ್ನು ಆಡಿದ್ದೇನೆ ಎಂದು ಬಿಂಬಿಸಲಾಗುತ್ತಿದೆ. ಎಲ್ಲರಿಗೂ ಸಮಾನ ನ್ಯಾಯ ಸಿಗಬೇಕು ಎಂಬುದು ನನ್ನ ಆಶಯ. ಸಂವಿಧಾನಕ್ಕೆ ಅಗೌರವ ತೋರುವ ಉದ್ದೇಶ ನನಗಿಲ್ಲ. ಯಾರ ಭಾವನೆಗೂ ಧಕ್ಕೆ ತರುವ ಉದ್ದೇಶವಿಲ್ಲ. ಜನರಿಗೆ ತಪ್ಪು ಮಾಹಿತಿ ನೀಡಲಾಗುತ್ತಿದೆ. ಮುಖ್ಯಮಂತ್ರಿಗಳು ಸತ್ಯಾಂಶ ತಿಳಿದು ಮಾತನಾಡಬೇಕು. ಧಾರ್ಮಿಕ ಸಂಸ್ಥೆಗಳ ಬಗ್ಗೆ ತಾರತಮ್ಯ ಸಲ್ಲದು ಎಂದು ಸ್ಪಷ್ಟಪಡಿಸಿದರು.
ಮಳೆಗೆ ಕಮ್ಮನಹಳ್ಳಿಯಲ್ಲಿ ಹೊತ್ತಿ ಉರಿದ ಟ್ರಾನ್ಸ್‌ಫಾರ್ಮರ್
ಬೆಂಗಳೂರು: ಮಳೆಯ ಹಿನ್ನೆಲೆಯಲ್ಲಿ ನಗರದ ಕಮ್ಮನಹಳ್ಳಿಯಲ್ಲಿ ಟ್ರಾನ್ಸ್‌ಫಾರ್ಮರ್ ಹೊತ್ತಿ ಉರಿದ ಘಟನೆ ಭಾನುವಾರ ರಾತ್ರಿ ನಡೆದಿದೆ. ಶಾರ್ಟ್ ಸರ್ಕ್ಯೂಟ್ ನಿಂದ ಬೆಂಕಿ ಕಾಣಿಸಿಕೊಂಡಿದ್ದು, ಸ್ಥಳೀಯರು ಆತಂಕಕ್ಕೆ ಒಳಗಾಗಿದ್ದರು. ಬೆಸ್ಕಾಂ ಸಿಬ್ಬಂದಿ ಸ್ಥಳಕ್ಕೆ ಆಗಮಿಸಿ ವಿದ್ಯುತ್ ಸಂಪರ್ಕ ಕಡಿತಗೊಳಿಸಿದ್ದಾರೆ. ಅಗ್ನಿಶಾಮಕ ದಳದ ಸಿಬ್ಬಂದಿ ಬೆಂಕಿ ನಂದಿಸಿದ್ದಾರೆ. ಯಾವುದೇ ಪ್ರಾಣಹಾನಿ ಸಂಭವಿಸಿಲ್ಲ ಎಂದು ತಿಳಿದುಬಂದಿದೆ.
ಮಳೆಯ ಹಿನ್ನೆಲೆಯಲ್ಲಿ ನಗರದ ಕಮ್ಮನಹಳ್ಳಿಯಲ್ಲಿ ಟ್ರಾನ್ಸ್‌ಫಾರ್ಮರ್ ಹೊತ್ತಿ ಉರಿದ ಘಟನೆ ಭಾನುವಾರ ರಾತ್ರಿ ನಡೆದಿದೆ. ಶಾರ್ಟ್ ಸರ್ಕ್ಯೂಟ್ ನಿಂದ ಬೆಂಕಿ ಕಾಣಿಸಿಕೊಂಡಿದ್ದು, ಸ್ಥಳೀಯರು ಆತಂಕಕ್ಕೆ ಒಳಗಾಗಿದ್ದರು. ಬೆಸ್ಕಾಂ ಸಿಬ್ಬಂದಿ ಸ್ಥಳಕ್ಕೆ ಆಗಮಿಸಿ ವಿದ್ಯುತ್ ಸಂಪರ್ಕ ಕಡಿತಗೊಳಿಸಿದ್ದಾರೆ. ಅಗ್ನಿಶಾಮಕ ದಳದ ಸಿಬ್ಬಂದಿ ಬೆಂಕಿ ನಂದಿಸಿದ್ದಾರೆ. ಯಾವುದೇ ಪ್ರಾಣಹಾನಿ ಸಂಭವಿಸಿಲ್ಲ ಎಂದು ತಿಳಿದುಬಂದಿದೆ.
ಮೊದಲನೇ ಪುಟದಿಂದ...
ಮಳೆ ಕಾಟ ಫಿಕ್ಸ್!
ದಿನವಿಡೀ ಮೋಡ ಕವಿದ ವಾತಾವರಣ ಇರುವುದರಿಂದ ಚಳಿಯ ತೀವ್ರತೆ ಹೆಚ್ಚಾಗಲಿದೆ ಎಂದು ಹವಾಮಾನ ಇಲಾಖೆ ಎಚ್ಚರಿಕೆ ನೀಡಿದೆ. ಬೆಂಗಳೂರು ನಗರ, ಗ್ರಾಮಾಂತರ, ಕೋಲಾರ, ತುಮಕೂರು, ಚಿಕ್ಕಬಳ್ಳಾಪುರ, ರಾಮನಗರ, ಮಂಡ್ಯ, ಮೈಸೂರು, ಚಾಮರಾಜನಗರ, ಹಾಸನ, ಕೊಡಗು, ಚಿಕ್ಕಮಗಳೂರು ಜಿಲ್ಲೆಗಳಲ್ಲಿ ಮಳೆಯಾಗುವ ಸಾಧ್ಯತೆ ಇದೆ. ಕರಾವಳಿ ಜಿಲ್ಲೆಗಳಲ್ಲಿ ಯೆಲ್ಲೋ ಅಲರ್ಟ್ ಘೋಷಿಸಲಾಗಿದೆ. ರೈತರು ಮುನ್ನೆಚ್ಚರಿಕೆ ವಹಿಸಬೇಕು ಎಂದು ತಿಳಿಸಲಾಗಿದೆ. ಮುಂದಿನ ಮೂರು ದಿನ ಮಳೆ ಮುಂದುವರಿಯಲಿದೆ.
ಮೂಡಿಸಿದ ಭೇಟಿ
ವಕ್ಫ್ ಸಚಿವರ ಮಾತ್ರಕ್ಕೆ ಪ್ರತಿಕ್ರಿಯೆ ನೀಡಿದ ರಾಜ್ಯಾಧ್ಯಕ್ಷರು ಈ ಕುರಿತು ಸ್ಪಷ್ಟನೆ ನೀಡಿದ್ದಾರೆ. ಪಕ್ಷದ ಹಿರಿಯ ನಾಯಕರ ಭೇಟಿ ಕುತೂಹಲ ಮೂಡಿಸಿದ್ದು, ರಾಜಕೀಯ ವಲಯದಲ್ಲಿ ಚರ್ಚೆಗೆ ಗ್ರಾಸವಾಗಿದೆ. ಮುಂದಿನ ದಿನಗಳಲ್ಲಿ ಮಹತ್ವದ ಬೆಳವಣಿಗೆ ನಡೆಯುವ ಸಾಧ್ಯತೆ ಇದೆ ಎಂದು ಮೂಲಗಳು ತಿಳಿಸಿವೆ. ಈ ಭೇಟಿಯ ಬಗ್ಗೆ ಹಲವು ಊಹಾಪೋಹಗಳು ಹರಿದಾಡುತ್ತಿವೆ.
ಬಸವಣ್ಣನವರ ನೇರವಾಗಿ ಎಚ್ಚರಿಕೆ ಮಾತುಗಳನ್ನು ಆಡಿದ್ದಾರೆ. ರಾಜಕೀಯದಲ್ಲಿ ಸೋಲು ಗೆಲುವು ಸಹಜ. ಸೋಲಿನಿಂದ ಮಠ ತ್ಯಾಗ ಮಾಡುವ ನಿರ್ಧಾರ ಸರಿಯಲ್ಲ ಎಂದು ಭಕ್ತರು ಮನವಿ ಮಾಡಿದ್ದಾರೆ. ಶ್ರೀಗಳು ತಮ್ಮ ನಿರ್ಧಾರವನ್ನು ಮರುಪರಿಶೀಲಿಸಬೇಕು ಎಂದು ಒತ್ತಾಯಿಸಲಾಗಿದೆ.
ಸೋಲಿನಿಂದ ಮಠ ತ್ಯಾಗ
ಬಸವಣ್ಣನವರ ನೇರವಾಗಿ ಎಚ್ಚರಿಕೆ ಮಾತುಗಳನ್ನು ಆಡಿದ್ದಾರೆ. ರಾಜಕೀಯದಲ್ಲಿ ಸೋಲು ಗೆಲುವು ಸಹಜ. ಸೋಲಿನಿಂದ ಮಠ ತ್ಯಾಗ ಮಾಡುವ ನಿರ್ಧಾರ ಸರಿಯಲ್ಲ ಎಂದು ಭಕ್ತರು ಮನವಿ ಮಾಡಿದ್ದಾರೆ. ಶ್ರೀಗಳು ತಮ್ಮ ನಿರ್ಧಾರವನ್ನು ಮರುಪರಿಶೀಲಿಸಬೇಕು ಎಂದು ಒತ್ತಾಯಿಸಲಾಗಿದೆ.
ಫೋಟೋ ವೈರಲ್
ಜೈಲಿನಲ್ಲಿ ದರ್ಶನ್ ಜೊತೆ ಇರುವ ಫೋಟೋ ಸಾಮಾಜಿಕ ಜಾಲತಾಣಗಳಲ್ಲಿ ವೈರಲ್ ಆಗಿದೆ. ರೇಣುಕಾಸ್ವಾಮಿ ಕೊಲೆ ಪ್ರಕರಣದ ಆರೋಪಿಗಳ ಜೊತೆಗಿನ ಫೋಟೋ ವಿವಾದಕ್ಕೆ ಕಾರಣವಾಗಿದೆ. ಜೈಲು ಅಧಿಕಾರಿಗಳ ವಿರುದ್ಧ ಕ್ರಮಕ್ಕೆ ಆಗ್ರಹ ಕೇಳಿಬಂದಿದೆ. ಈ ಕುರಿತು ತನಿಖೆ ನಡೆಸಲು ಗೃಹ ಸಚಿವರು ಸೂಚಿಸಿದ್ದಾರೆ. ತಪ್ಪಿತಸ್ಥರ ವಿರುದ್ಧ ಕಠಿಣ ಕ್ರಮ ಕೈಗೊಳ್ಳಲಾಗುವುದು ಎಂದು ತಿಳಿಸಿದ್ದಾರೆ.
ಕಾನ್ಸ್‌ಟೇಬಲ್ ಕಿರುಕುಳ
ಆಕೆಯ ಪತ್ನಿ ನೀಡಿದ ದೂರಿನ ಅನ್ವಯ ಕಾನ್ಸ್‌ಟೇಬಲ್ ವಿರುದ್ಧ ಪ್ರಕರಣ ದಾಖಲಾಗಿದೆ. ವರದಕ್ಷಿಣೆ ಕಿರುಕುಳ ನೀಡಿದ ಆರೋಪದ ಮೇಲೆ ತನಿಖೆ ಆರಂಭಿಸಲಾಗಿದೆ. ನನ್ನ ಜೀವಕ್ಕೆ ಅಪಾಯವಿದೆ ಎಂದು ಮಹಿಳೆ ಆರೋಪಿಸಿದ್ದಾರೆ. ಉನ್ನತ ಪೊಲೀಸ್ ಅಧಿಕಾರಿಗಳು ಈ ಕುರಿತು ಕ್ರಮ ಕೈಗೊಳ್ಳುವ ಭರವಸೆ ನೀಡಿದ್ದಾರೆ.
ಉ.ಪ್ರ ಸರ್ಕಾರ
ಪ್ರಯಾಗ್‌ರಾಜ್‌ನಲ್ಲಿ ನಡೆಯಲಿರುವ ಮಹಾಕುಂಭಮೇಳಕ್ಕೆ ಉತ್ತರ ಪ್ರದೇಶ ಸರ್ಕಾರ ಭರದ ಸಿದ್ಧತೆ ನಡೆಸಿದೆ. ಕುಂಭಮೇಳವನ್ನು ಪ್ರತ್ಯೇಕ ಜಿಲ್ಲೆಯಾಗಿ ಘೋಷಿಸಲಾಗಿದೆ. ಕೋಟ್ಯಂತರ ಭಕ್ತರು ಆಗಮಿಸುವ ನಿರೀಕ್ಷೆ ಇದ್ದು, ಭದ್ರತೆಗೆ ವಿಶೇಷ ವ್ಯವಸ್ಥೆ ಮಾಡಲಾಗಿದೆ. 2025ರ ಜನವರಿ 13 ರಿಂದ ಫೆಬ್ರವರಿ 26 ರವರೆಗೆ ಕುಂಭಮೇಳ ನಡೆಯಲಿದೆ.
ಎಫ್‌ಐಆರ್
ಅಧಿಕಾರಿಯ ವಿರುದ್ಧ ಕರ್ತವ್ಯ ಲೋಪದ ಆರೋಪದಡಿ ಎಫ್‌ಐಆರ್ ದಾಖಲಿಸಲಾಗಿದೆ. ಪೊಲೀಸರು ಪ್ರಕರಣದ ತನಿಖೆ ಕೈಗೊಂಡಿದ್ದು, ಆರೋಪಿಯನ್ನು ವಶಕ್ಕೆ ಪಡೆದು ವಿಚಾರಣೆ ನಡೆಸುತ್ತಿದ್ದಾರೆ. ಮಾಹಿತಿ ಆಧರಿಸಿ 4.300 ಕೆಜಿ ಮಾದಕ ವಸ್ತು ಜಪ್ತಿ ಮಾಡಲಾಗಿದೆ.
ಅದ್ಧೂರಿ ಮೆರವಣಿಗೆಯ ಮೂಲಕ ಕಾರ್ಯಕ್ರಮಕ್ಕೆ ಚಾಲನೆ ನೀಡಲಾಯಿತು. ಕಲಾತಂಡಗಳು ಮೆರವಣಿಗೆಯಲ್ಲಿ ಭಾಗವಹಿಸಿ ಮೆರುಗು ನೀಡಿದವು. ಸಾವಿರಾರು ಜನರು ಮೆರವಣಿಗೆಯಲ್ಲಿ ಪಾಲ್ಗೊಂಡಿದ್ದರು. ನಗರದ ಪ್ರಮುಖ ಬೀದಿಗಳಲ್ಲಿ ಸಂಚರಿಸಿದ ಮೆರವಣಿಗೆ ಗಮನ ಸೆಳೆಯಿತು. ಪೊಲೀಸ್ ಬಿಗಿ ಬಂದೋಬಸ್ತ್ ಏರ್ಪಡಿಸಲಾಗಿತ್ತು.
ಮೆರವಣಿಗೆ
ಅದ್ಧೂರಿ ಮೆರವಣಿಗೆಯ ಮೂಲಕ ಕಾರ್ಯಕ್ರಮಕ್ಕೆ ಚಾಲನೆ ನೀಡಲಾಯಿತು. ಕಲಾತಂಡಗಳು ಮೆರವಣಿಗೆಯಲ್ಲಿ ಭಾಗವಹಿಸಿ ಮೆರುಗು ನೀಡಿದವು. ಸಾವಿರಾರು ಜನರು ಮೆರವಣಿಗೆಯಲ್ಲಿ ಪಾಲ್ಗೊಂಡಿದ್ದರು. ನಗರದ ಪ್ರಮುಖ ಬೀದಿಗಳಲ್ಲಿ ಸಂಚರಿಸಿದ ಮೆರವಣಿಗೆ ಗಮನ ಸೆಳೆಯಿತು. ಪೊಲೀಸ್ ಬಿಗಿ ಬಂದೋಬಸ್ತ್ ಏರ್ಪಡಿಸಲಾಗಿತ್ತು.
ಸಂಬಂಧಿತ ಸರ್ಕಾರ ಇದರ ಪರಿಶೀಲನೆ ನಡೆಸಿ ಮುಂದಿನ ನಿರ್ಧಾರ ಕೈಗೊಳ್ಳಲಿದೆ. ಹೈಕೋರ್ಟ್ ನಿರ್ದೇಶನದಂತೆ ಕ್ರಮ ಕೈಗೊಳ್ಳಲಾಗುವುದು. ಈ ಕುರಿತು ಸಂಪುಟ ಸಭೆಯಲ್ಲಿ ಚರ್ಚಿಸಲಾಗುವುದು ಎಂದು ಸಚಿವರು ತಿಳಿಸಿದರು. ಎಲ್ಲ ಪ್ರಕರಣಗಳನ್ನು ಡಿಸೆಂಬರ್ 12 ಮತ್ತು 16 ರಂದು ವಿಚಾರಣೆಗೆ ತೆಗೆದುಕೊಳ್ಳಲಾಗುವುದು. ಸಂತ್ರಸ್ತರಿಗೆ ನ್ಯಾಯ
ನಿರ್ಧಾರ
ಸಂಬಂಧಿತ ಸರ್ಕಾರ ಇದರ ಪರಿಶೀಲನೆ ನಡೆಸಿ ಮುಂದಿನ ನಿರ್ಧಾರ ಕೈಗೊಳ್ಳಲಿದೆ. ಹೈಕೋರ್ಟ್ ನಿರ್ದೇಶನದಂತೆ ಕ್ರಮ ಕೈಗೊಳ್ಳಲಾಗುವುದು. ಈ ಕುರಿತು ಸಂಪುಟ ಸಭೆಯಲ್ಲಿ ಚರ್ಚಿಸಲಾಗುವುದು ಎಂದು ಸಚಿವರು ತಿಳಿಸಿದರು. ಎಲ್ಲ ಪ್ರಕರಣಗಳನ್ನು ಡಿಸೆಂಬರ್ 12 ಮತ್ತು 16 ರಂದು ವಿಚಾರಣೆಗೆ ತೆಗೆದುಕೊಳ್ಳಲಾಗುವುದು. ಸಂತ್ರಸ್ತರಿಗೆ ನ್ಯಾಯ ಒದಗಿಸುವುದು ಸರ್ಕಾರದ ಆದ್ಯತೆಯಾಗಿದೆ. ನ್ಯಾಯಾಲಯದ ಆದೇಶ ಪಾಲಿಸಲಾಗುವುದು.
